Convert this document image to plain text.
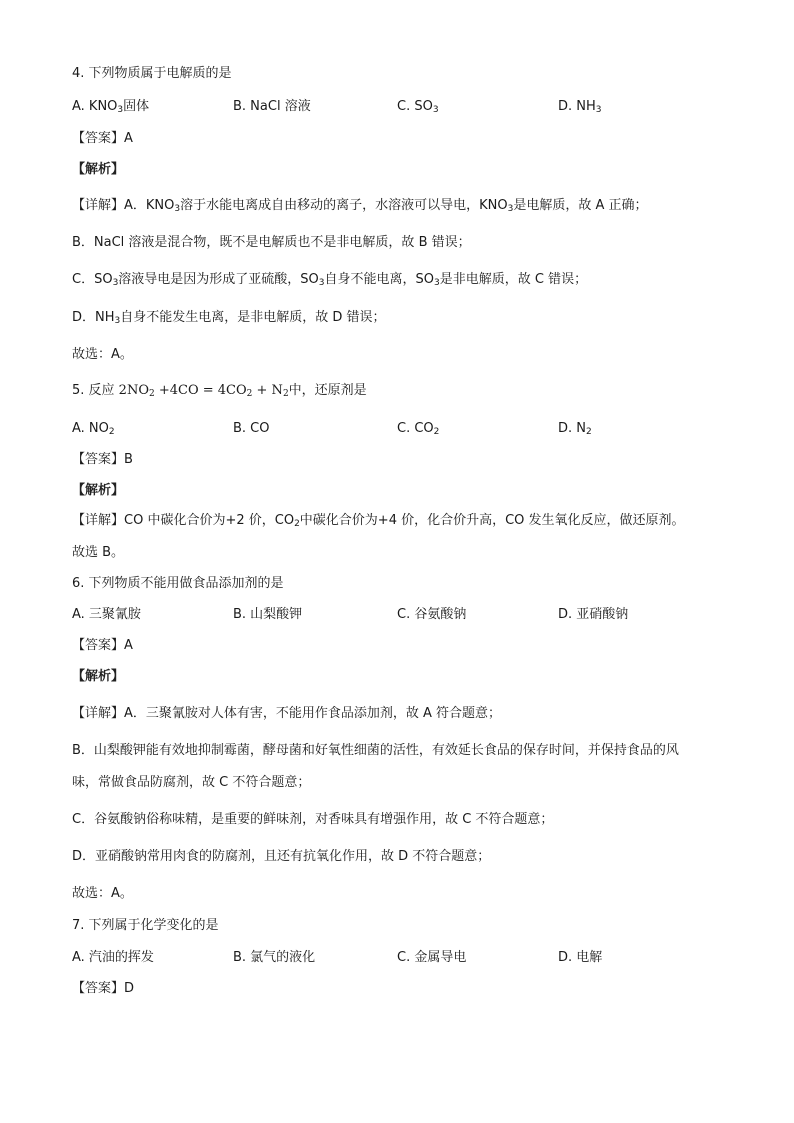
4. 下列物质属于电解质的是
A. $KNO_3$固体	B. NaCl 溶液	C. $SO_3$	D. $NH_3$
【答案】A
【解析】
【详解】A．$KNO_3$溶于水能电离成自由移动的离子，水溶液可以导电，$KNO_3$是电解质，故 A 正确；
B．NaCl 溶液是混合物，既不是电解质也不是非电解质，故 B 错误；
C．$SO_3$溶液导电是因为形成了亚硫酸，$SO_3$自身不能电离，$SO_3$是非电解质，故 C 错误；
D．$NH_3$自身不能发生电离，是非电解质，故 D 错误；
故选：A。
5. 反应 $2NO_2 +4CO = 4CO_2 + N_2$中，还原剂是
A. $NO_2$	B. CO	C. $CO_2$	D. $N_2$
【答案】B
【解析】
【详解】CO 中碳化合价为+2 价，$CO_2$中碳化合价为+4 价，化合价升高，CO 发生氧化反应，做还原剂。
故选 B。
6. 下列物质不能用做食品添加剂的是
A. 三聚氰胺	B. 山梨酸钾	C. 谷氨酸钠	D. 亚硝酸钠
【答案】A
【解析】
【详解】A．三聚氰胺对人体有害，不能用作食品添加剂，故 A 符合题意；
B．山梨酸钾能有效地抑制霉菌，酵母菌和好氧性细菌的活性，有效延长食品的保存时间，并保持食品的风
味，常做食品防腐剂，故 C 不符合题意；
C．谷氨酸钠俗称味精，是重要的鲜味剂，对香味具有增强作用，故 C 不符合题意；
D．亚硝酸钠常用肉食的防腐剂，且还有抗氧化作用，故 D 不符合题意；
故选：A。
7. 下列属于化学变化的是
A. 汽油的挥发	B. 氯气的液化	C. 金属导电	D. 电解
【答案】D
